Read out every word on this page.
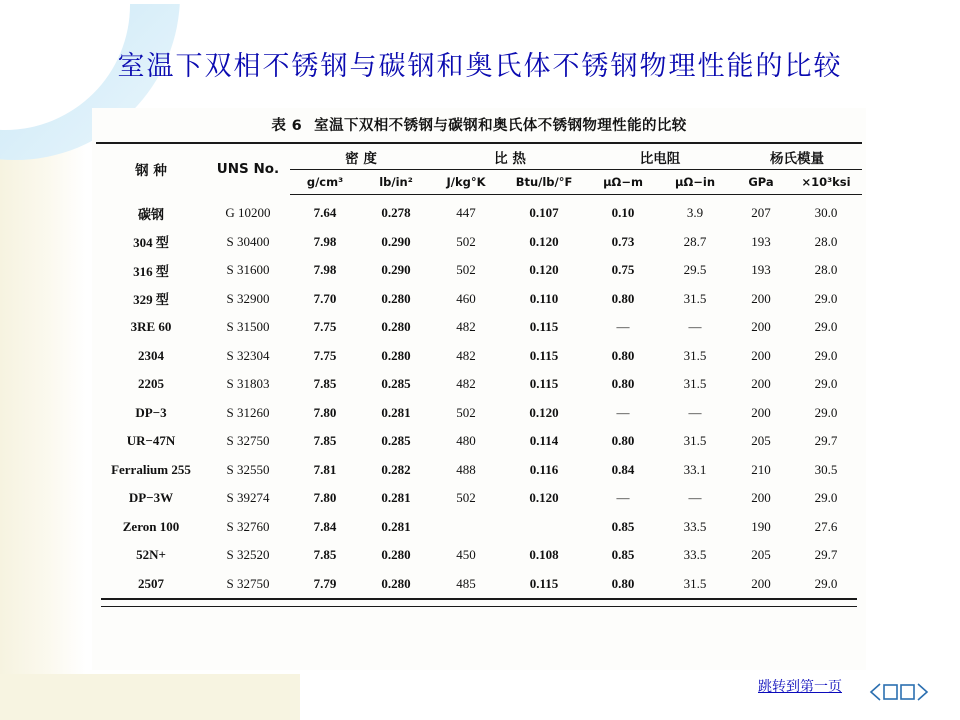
室温下双相不锈钢与碳钢和奥氏体不锈钢物理性能的比较
表 6 室温下双相不锈钢与碳钢和奥氏体不锈钢物理性能的比较
钢 种	UNS No.	密 度		比 热		比电阻		杨氏模量	
		g/cm³	lb/in²	J/kg°K	Btu/lb/°F	μΩ−m	μΩ−in	GPa	×10³ksi
碳钢	G 10200	7.64	0.278	447	0.107	0.10	3.9	207	30.0
304 型	S 30400	7.98	0.290	502	0.120	0.73	28.7	193	28.0
316 型	S 31600	7.98	0.290	502	0.120	0.75	29.5	193	28.0
329 型	S 32900	7.70	0.280	460	0.110	0.80	31.5	200	29.0
3RE 60	S 31500	7.75	0.280	482	0.115	—	—	200	29.0
2304	S 32304	7.75	0.280	482	0.115	0.80	31.5	200	29.0
2205	S 31803	7.85	0.285	482	0.115	0.80	31.5	200	29.0
DP−3	S 31260	7.80	0.281	502	0.120	—	—	200	29.0
UR−47N	S 32750	7.85	0.285	480	0.114	0.80	31.5	205	29.7
Ferralium 255	S 32550	7.81	0.282	488	0.116	0.84	33.1	210	30.5
DP−3W	S 39274	7.80	0.281	502	0.120	—	—	200	29.0
Zeron 100	S 32760	7.84	0.281			0.85	33.5	190	27.6
52N+	S 32520	7.85	0.280	450	0.108	0.85	33.5	205	29.7
2507	S 32750	7.79	0.280	485	0.115	0.80	31.5	200	29.0
跳转到第一页
